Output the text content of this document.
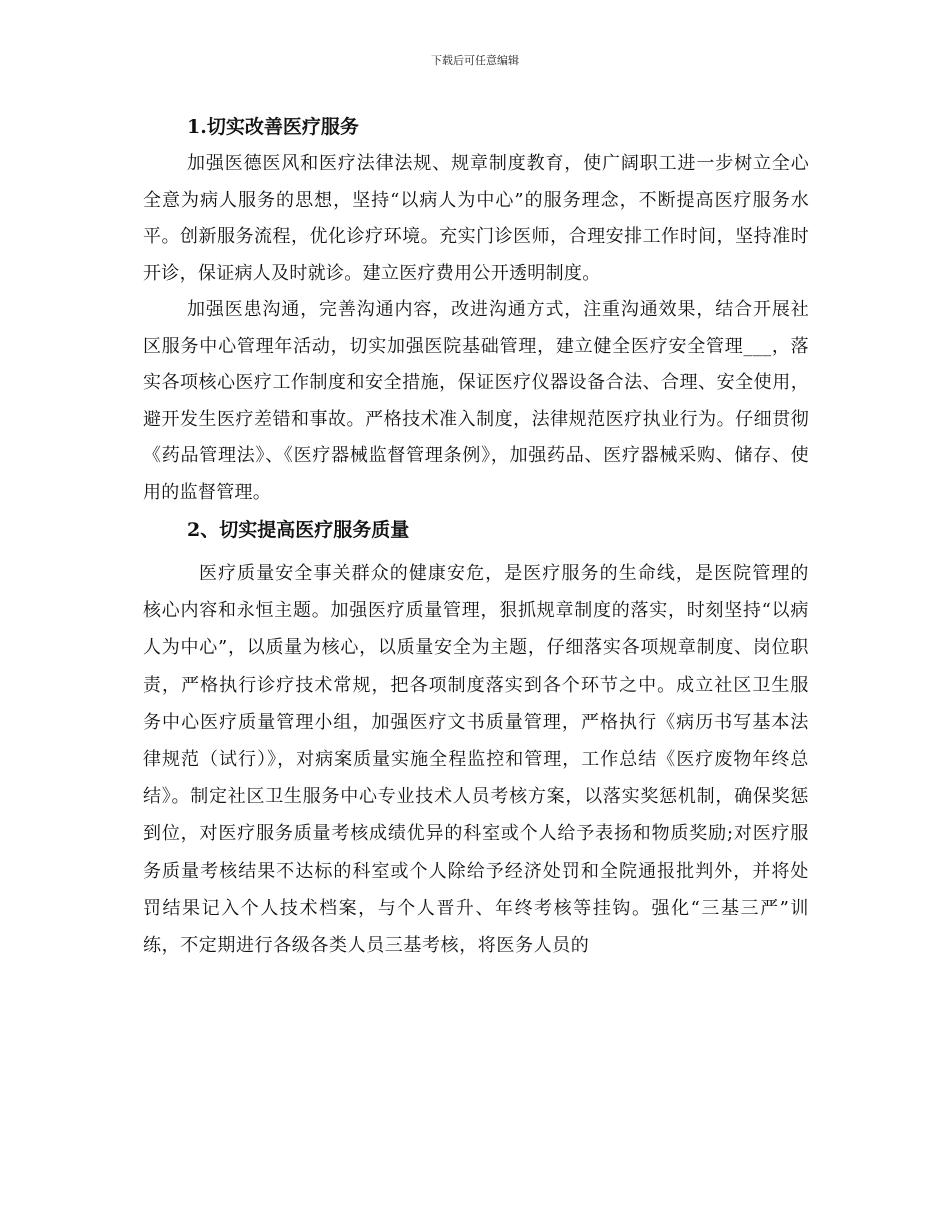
下载后可任意编辑
1.切实改善医疗服务

加强医德医风和医疗法律法规、规章制度教育，使广阔职工进一步树立全心全意为病人服务的思想，坚持“以病人为中心”的服务理念，不断提高医疗服务水平。创新服务流程，优化诊疗环境。充实门诊医师，合理安排工作时间，坚持准时开诊，保证病人及时就诊。建立医疗费用公开透明制度。

加强医患沟通，完善沟通内容，改进沟通方式，注重沟通效果，结合开展社区服务中心管理年活动，切实加强医院基础管理，建立健全医疗安全管理___，落实各项核心医疗工作制度和安全措施，保证医疗仪器设备合法、合理、安全使用，避开发生医疗差错和事故。严格技术准入制度，法律规范医疗执业行为。仔细贯彻《药品管理法》、《医疗器械监督管理条例》，加强药品、医疗器械采购、储存、使用的监督管理。

2、切实提高医疗服务质量

医疗质量安全事关群众的健康安危，是医疗服务的生命线，是医院管理的核心内容和永恒主题。加强医疗质量管理，狠抓规章制度的落实，时刻坚持“以病人为中心”，以质量为核心，以质量安全为主题，仔细落实各项规章制度、岗位职责，严格执行诊疗技术常规，把各项制度落实到各个环节之中。成立社区卫生服务中心医疗质量管理小组，加强医疗文书质量管理，严格执行《病历书写基本法律规范（试行）》，对病案质量实施全程监控和管理，工作总结《医疗废物年终总结》。制定社区卫生服务中心专业技术人员考核方案，以落实奖惩机制，确保奖惩到位，对医疗服务质量考核成绩优异的科室或个人给予表扬和物质奖励;对医疗服务质量考核结果不达标的科室或个人除给予经济处罚和全院通报批判外，并将处罚结果记入个人技术档案，与个人晋升、年终考核等挂钩。强化“三基三严”训练，不定期进行各级各类人员三基考核，将医务人员的
